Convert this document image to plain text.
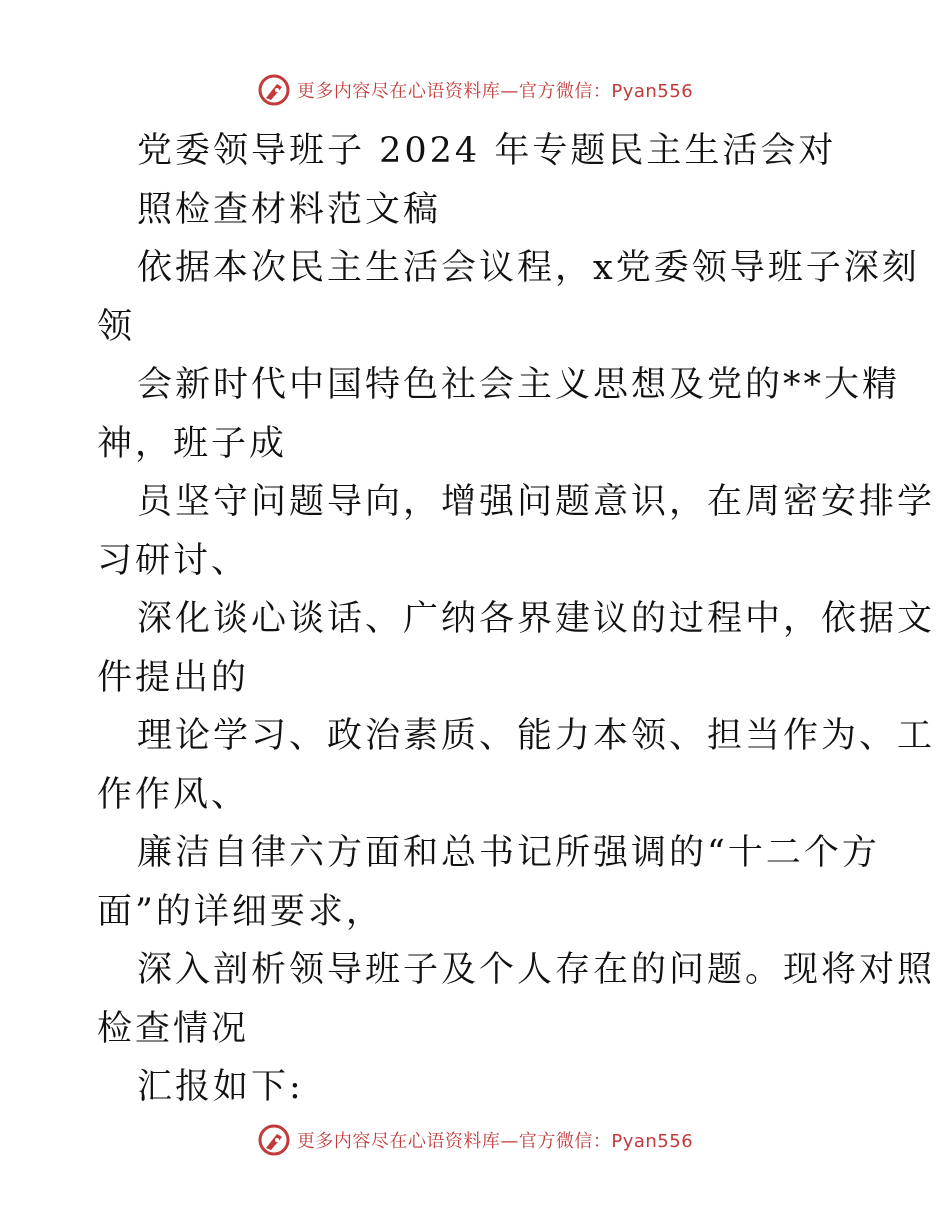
更多内容尽在心语资料库—官方微信：Pyan556
党委领导班子 2024 年专题民主生活会对
照检查材料范文稿
依据本次民主生活会议程，x党委领导班子深刻
领
会新时代中国特色社会主义思想及党的**大精
神，班子成
员坚守问题导向，增强问题意识，在周密安排学
习研讨、
深化谈心谈话、广纳各界建议的过程中，依据文
件提出的
理论学习、政治素质、能力本领、担当作为、工
作作风、
廉洁自律六方面和总书记所强调的“十二个方
面”的详细要求，
深入剖析领导班子及个人存在的问题。现将对照
检查情况
汇报如下:
更多内容尽在心语资料库—官方微信：Pyan556
